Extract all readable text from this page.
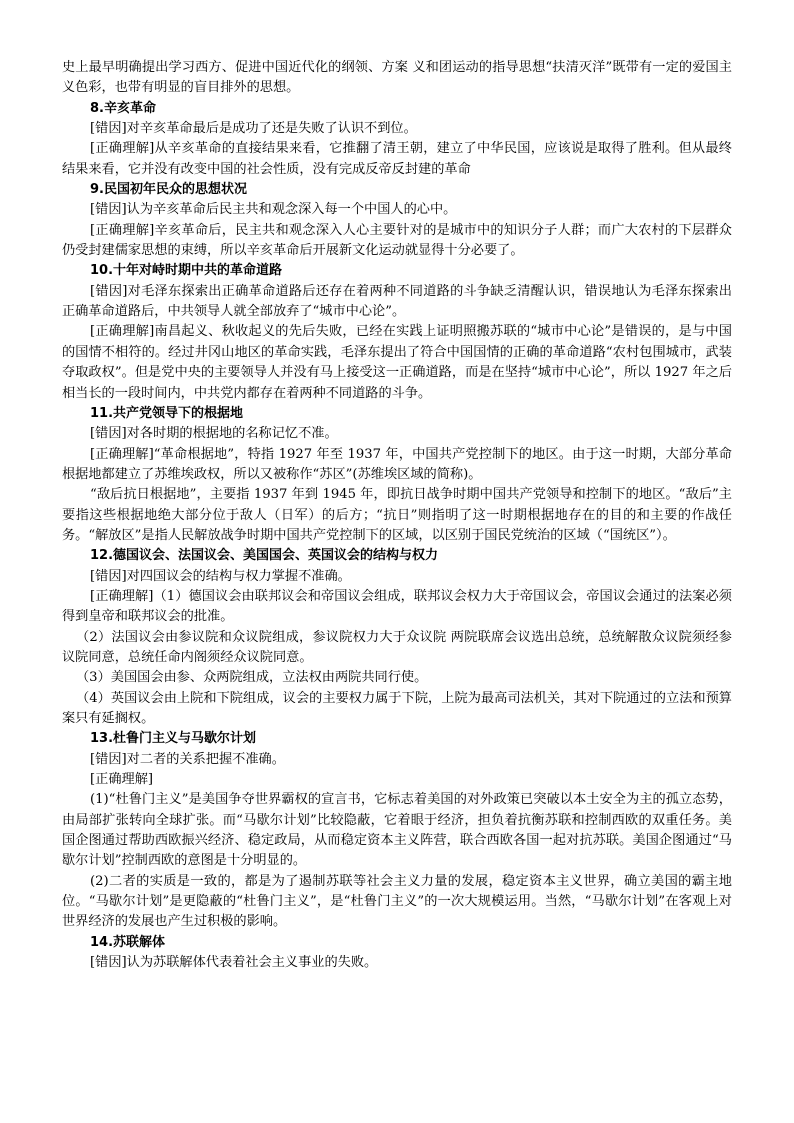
史上最早明确提出学习西方、促进中国近代化的纲领、方案 义和团运动的指导思想“扶清灭洋”既带有一定的爱国主义色彩，也带有明显的盲目排外的思想。

8.辛亥革命

[错因]对辛亥革命最后是成功了还是失败了认识不到位。

[正确理解]从辛亥革命的直接结果来看，它推翻了清王朝，建立了中华民国，应该说是取得了胜利。但从最终结果来看，它并没有改变中国的社会性质，没有完成反帝反封建的革命

9.民国初年民众的思想状况

[错因]认为辛亥革命后民主共和观念深入每一个中国人的心中。

[正确理解]辛亥革命后，民主共和观念深入人心主要针对的是城市中的知识分子人群；而广大农村的下层群众仍受封建儒家思想的束缚，所以辛亥革命后开展新文化运动就显得十分必要了。

10.十年对峙时期中共的革命道路

[错因]对毛泽东探索出正确革命道路后还存在着两种不同道路的斗争缺乏清醒认识，错误地认为毛泽东探索出正确革命道路后，中共领导人就全部放弃了“城市中心论”。

[正确理解]南昌起义、秋收起义的先后失败，已经在实践上证明照搬苏联的“城市中心论”是错误的，是与中国的国情不相符的。经过井冈山地区的革命实践，毛泽东提出了符合中国国情的正确的革命道路“农村包围城市，武装夺取政权”。但是党中央的主要领导人并没有马上接受这一正确道路，而是在坚持“城市中心论”，所以 1927 年之后相当长的一段时间内，中共党内都存在着两种不同道路的斗争。

11.共产党领导下的根据地

[错因]对各时期的根据地的名称记忆不准。

[正确理解]“革命根据地”，特指 1927 年至 1937 年，中国共产党控制下的地区。由于这一时期，大部分革命根据地都建立了苏维埃政权，所以又被称作“苏区”(苏维埃区域的简称)。

“敌后抗日根据地”，主要指 1937 年到 1945 年，即抗日战争时期中国共产党领导和控制下的地区。“敌后”主要指这些根据地绝大部分位于敌人（日军）的后方；“抗日”则指明了这一时期根据地存在的目的和主要的作战任务。“解放区”是指人民解放战争时期中国共产党控制下的区域，以区别于国民党统治的区域（“国统区”）。

12.德国议会、法国议会、美国国会、英国议会的结构与权力

[错因]对四国议会的结构与权力掌握不准确。

[正确理解]（1）德国议会由联邦议会和帝国议会组成，联邦议会权力大于帝国议会，帝国议会通过的法案必须得到皇帝和联邦议会的批准。

（2）法国议会由参议院和众议院组成，参议院权力大于众议院 两院联席会议选出总统，总统解散众议院须经参议院同意，总统任命内阁须经众议院同意。

（3）美国国会由参、众两院组成，立法权由两院共同行使。

（4）英国议会由上院和下院组成，议会的主要权力属于下院，上院为最高司法机关，其对下院通过的立法和预算案只有延搁权。

13.杜鲁门主义与马歇尔计划

[错因]对二者的关系把握不准确。

[正确理解]

(1)“杜鲁门主义”是美国争夺世界霸权的宣言书，它标志着美国的对外政策已突破以本土安全为主的孤立态势，由局部扩张转向全球扩张。而“马歇尔计划”比较隐蔽，它着眼于经济，担负着抗衡苏联和控制西欧的双重任务。美国企图通过帮助西欧振兴经济、稳定政局，从而稳定资本主义阵营，联合西欧各国一起对抗苏联。美国企图通过“马歇尔计划”控制西欧的意图是十分明显的。

(2)二者的实质是一致的，都是为了遏制苏联等社会主义力量的发展，稳定资本主义世界，确立美国的霸主地位。“马歇尔计划”是更隐蔽的“杜鲁门主义”，是“杜鲁门主义”的一次大规模运用。当然，“马歇尔计划”在客观上对世界经济的发展也产生过积极的影响。

14.苏联解体

[错因]认为苏联解体代表着社会主义事业的失败。
